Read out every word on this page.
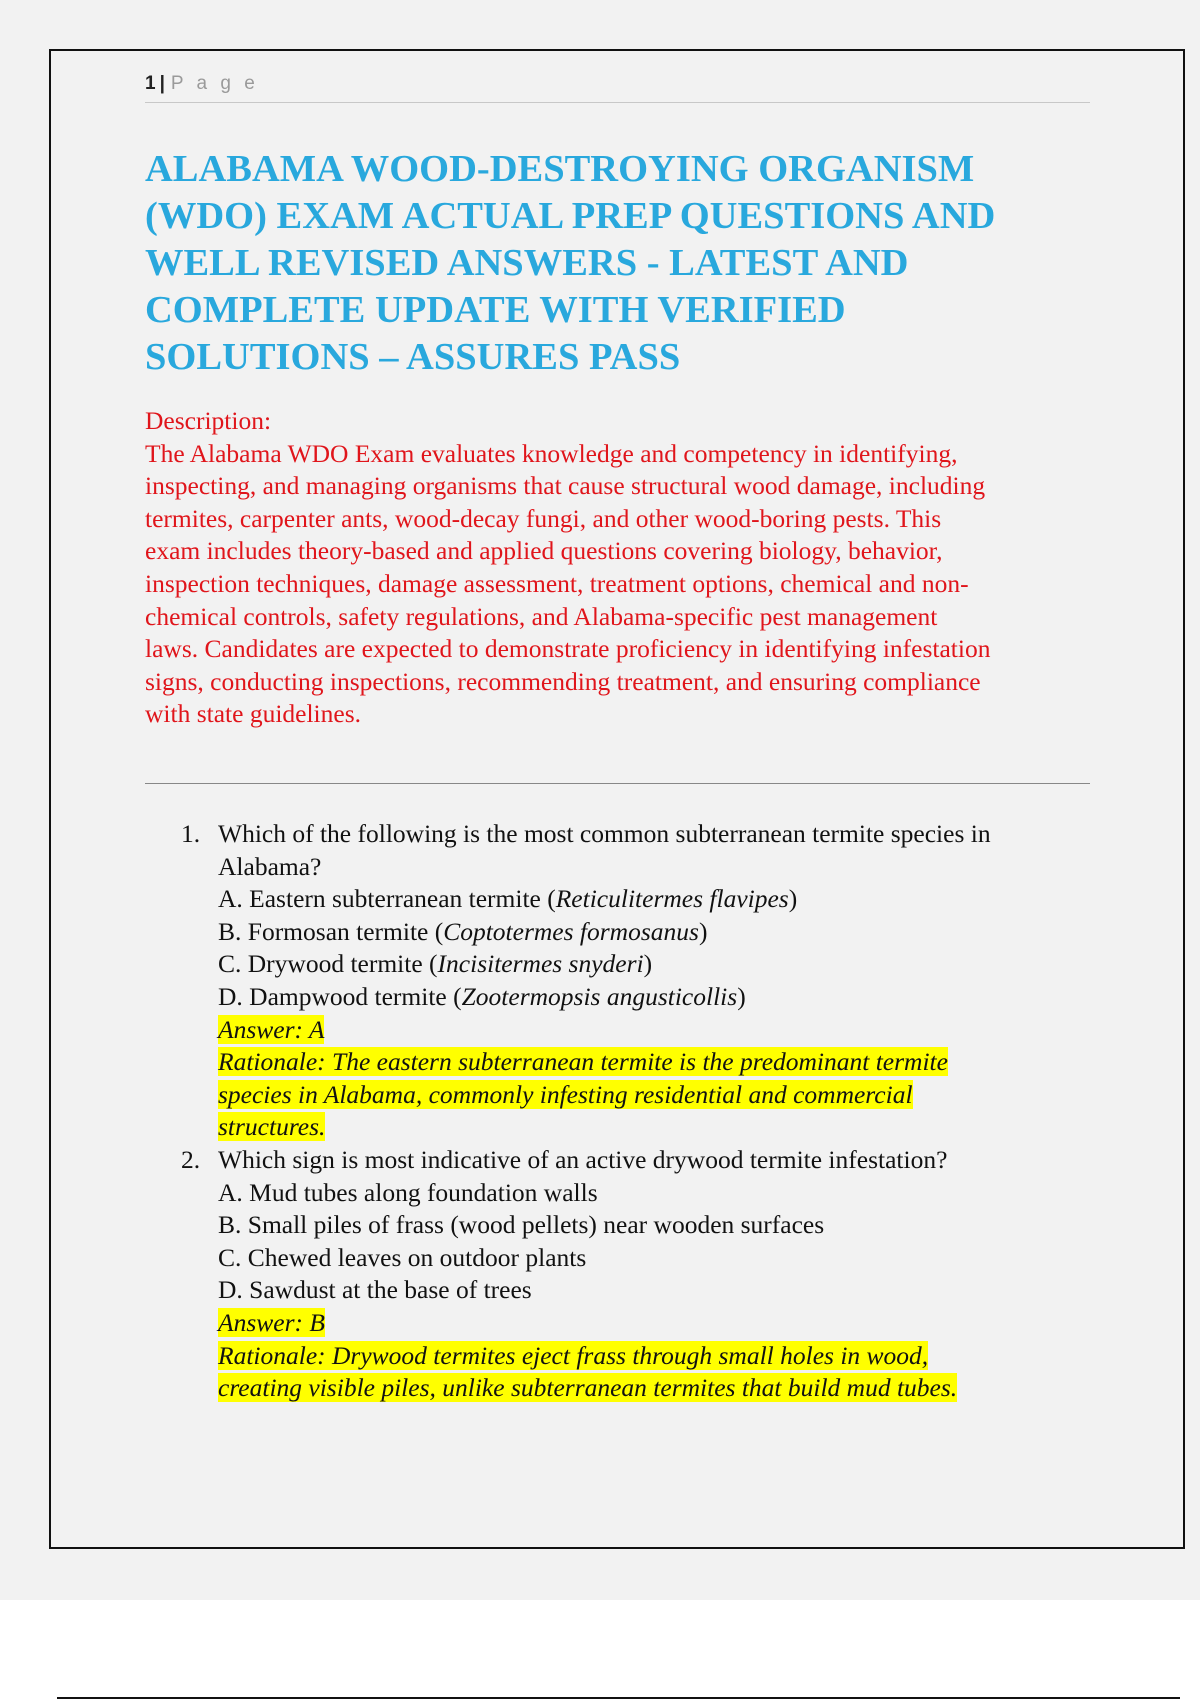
1 | P a g e
ALABAMA WOOD-DESTROYING ORGANISM
(WDO) EXAM ACTUAL PREP QUESTIONS AND
WELL REVISED ANSWERS - LATEST AND
COMPLETE UPDATE WITH VERIFIED
SOLUTIONS – ASSURES PASS

Description:

The Alabama WDO Exam evaluates knowledge and competency in identifying,
inspecting, and managing organisms that cause structural wood damage, including
termites, carpenter ants, wood-decay fungi, and other wood-boring pests. This
exam includes theory-based and applied questions covering biology, behavior,
inspection techniques, damage assessment, treatment options, chemical and non-
chemical controls, safety regulations, and Alabama-specific pest management
laws. Candidates are expected to demonstrate proficiency in identifying infestation
signs, conducting inspections, recommending treatment, and ensuring compliance
with state guidelines.
1. Which of the following is the most common subterranean termite species in
Alabama?
A. Eastern subterranean termite (Reticulitermes flavipes)
B. Formosan termite (Coptotermes formosanus)
C. Drywood termite (Incisitermes snyderi)
D. Dampwood termite (Zootermopsis angusticollis)
Answer: A
Rationale: The eastern subterranean termite is the predominant termite
species in Alabama, commonly infesting residential and commercial
structures.
2. Which sign is most indicative of an active drywood termite infestation?
A. Mud tubes along foundation walls
B. Small piles of frass (wood pellets) near wooden surfaces
C. Chewed leaves on outdoor plants
D. Sawdust at the base of trees
Answer: B
Rationale: Drywood termites eject frass through small holes in wood,
creating visible piles, unlike subterranean termites that build mud tubes.
